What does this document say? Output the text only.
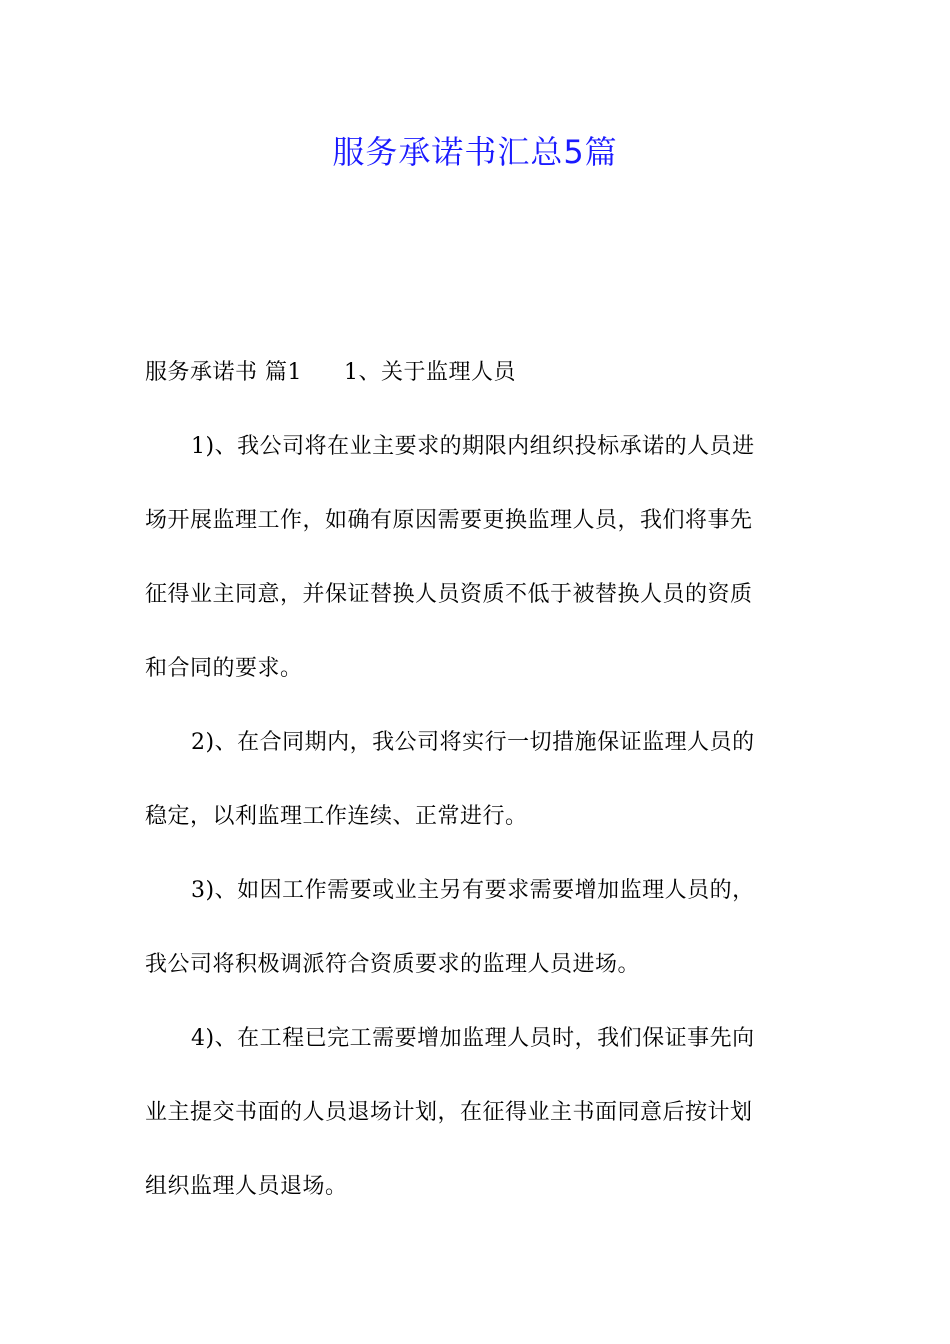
服务承诺书汇总5篇
服务承诺书 篇1 1、关于监理人员
1)、我公司将在业主要求的期限内组织投标承诺的人员进
场开展监理工作，如确有原因需要更换监理人员，我们将事先
征得业主同意，并保证替换人员资质不低于被替换人员的资质
和合同的要求。
2)、在合同期内，我公司将实行一切措施保证监理人员的
稳定，以利监理工作连续、正常进行。
3)、如因工作需要或业主另有要求需要增加监理人员的，
我公司将积极调派符合资质要求的监理人员进场。
4)、在工程已完工需要增加监理人员时，我们保证事先向
业主提交书面的人员退场计划，在征得业主书面同意后按计划
组织监理人员退场。
